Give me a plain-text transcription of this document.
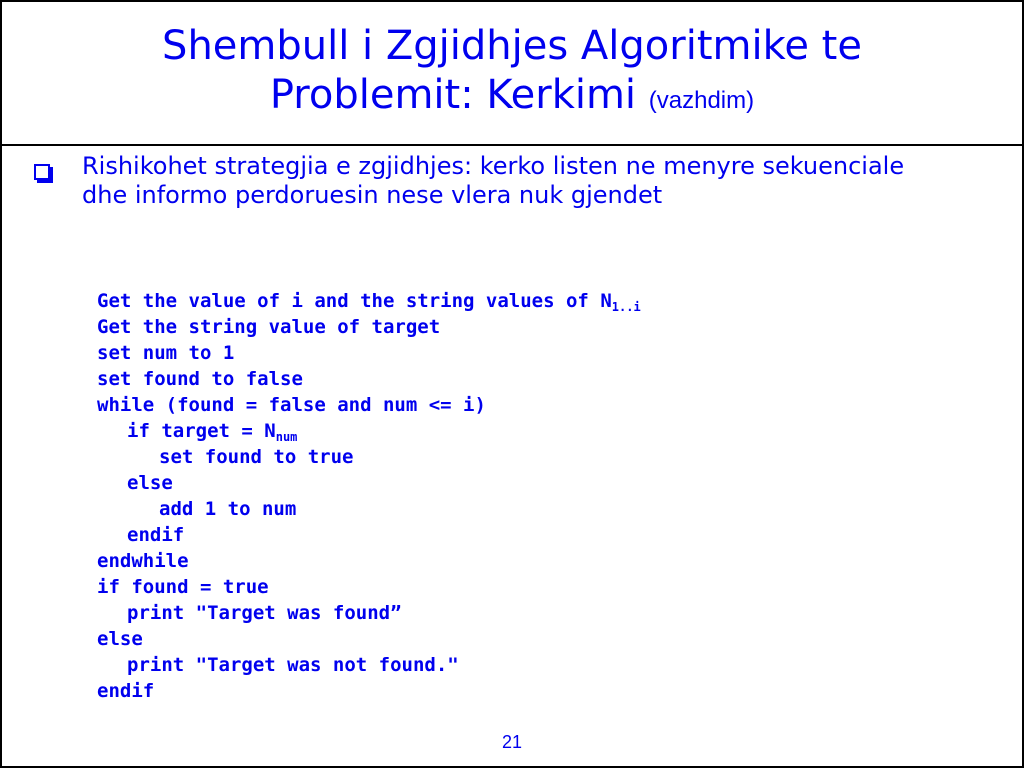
Shembull i Zgjidhjes Algoritmike te
Problemit: Kerkimi (vazhdim)
Rishikohet strategjia e zgjidhjes: kerko listen ne menyre sekuenciale dhe informo perdoruesin nese vlera nuk gjendet
Get the value of i and the string values of $N_{1..i}$
Get the string value of target
set num to 1
set found to false
while (found = false and num <= i)
if target = $N_{num}$
set found to true
else
add 1 to num
endif
endwhile
if found = true
print "Target was found”
else
print "Target was not found."
endif
21
